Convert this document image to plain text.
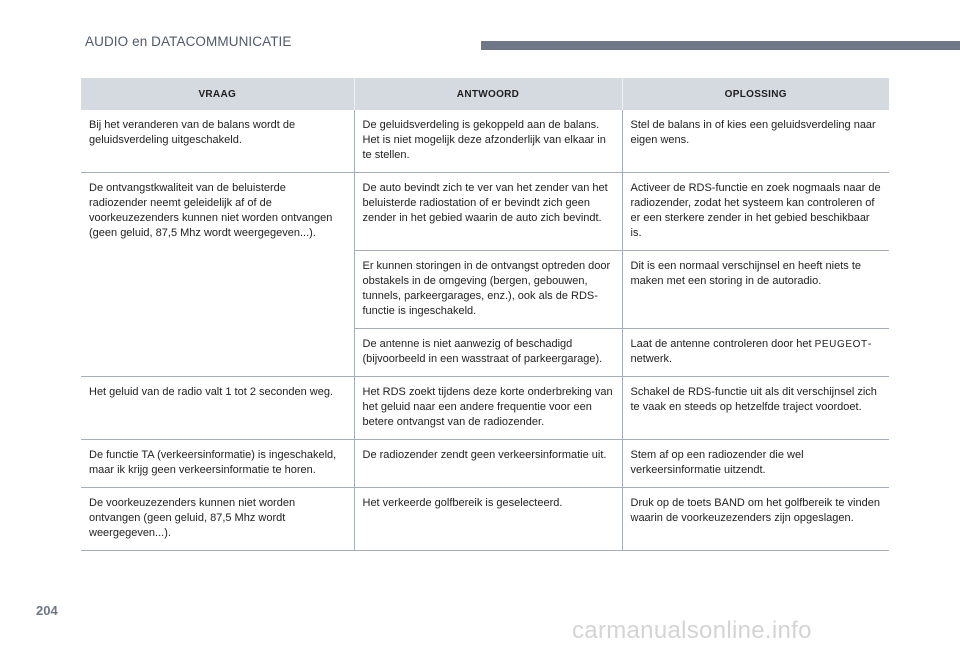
AUDIO en DATACOMMUNICATIE
VRAAG	ANTWOORD	OPLOSSING
Bij het veranderen van de balans wordt de geluidsverdeling uitgeschakeld.	De geluidsverdeling is gekoppeld aan de balans. Het is niet mogelijk deze afzonderlijk van elkaar in te stellen.	Stel de balans in of kies een geluidsverdeling naar eigen wens.
De ontvangstkwaliteit van de beluisterde radiozender neemt geleidelijk af of de voorkeuzezenders kunnen niet worden ontvangen (geen geluid, 87,5 Mhz wordt weergegeven...).	De auto bevindt zich te ver van het zender van het beluisterde radiostation of er bevindt zich geen zender in het gebied waarin de auto zich bevindt.	Activeer de RDS-functie en zoek nogmaals naar de radiozender, zodat het systeem kan controleren of er een sterkere zender in het gebied beschikbaar is.
	Er kunnen storingen in de ontvangst optreden door obstakels in de omgeving (bergen, gebouwen, tunnels, parkeergarages, enz.), ook als de RDS-functie is ingeschakeld.	Dit is een normaal verschijnsel en heeft niets te maken met een storing in de autoradio.
	De antenne is niet aanwezig of beschadigd (bijvoorbeeld in een wasstraat of parkeergarage).	Laat de antenne controleren door het PEUGEOT-netwerk.
Het geluid van de radio valt 1 tot 2 seconden weg.	Het RDS zoekt tijdens deze korte onderbreking van het geluid naar een andere frequentie voor een betere ontvangst van de radiozender.	Schakel de RDS-functie uit als dit verschijnsel zich te vaak en steeds op hetzelfde traject voordoet.
De functie TA (verkeersinformatie) is ingeschakeld, maar ik krijg geen verkeersinformatie te horen.	De radiozender zendt geen verkeersinformatie uit.	Stem af op een radiozender die wel verkeersinformatie uitzendt.
De voorkeuzezenders kunnen niet worden ontvangen (geen geluid, 87,5 Mhz wordt weergegeven...).	Het verkeerde golfbereik is geselecteerd.	Druk op de toets BAND om het golfbereik te vinden waarin de voorkeuzezenders zijn opgeslagen.
204
carmanualsonline.info
